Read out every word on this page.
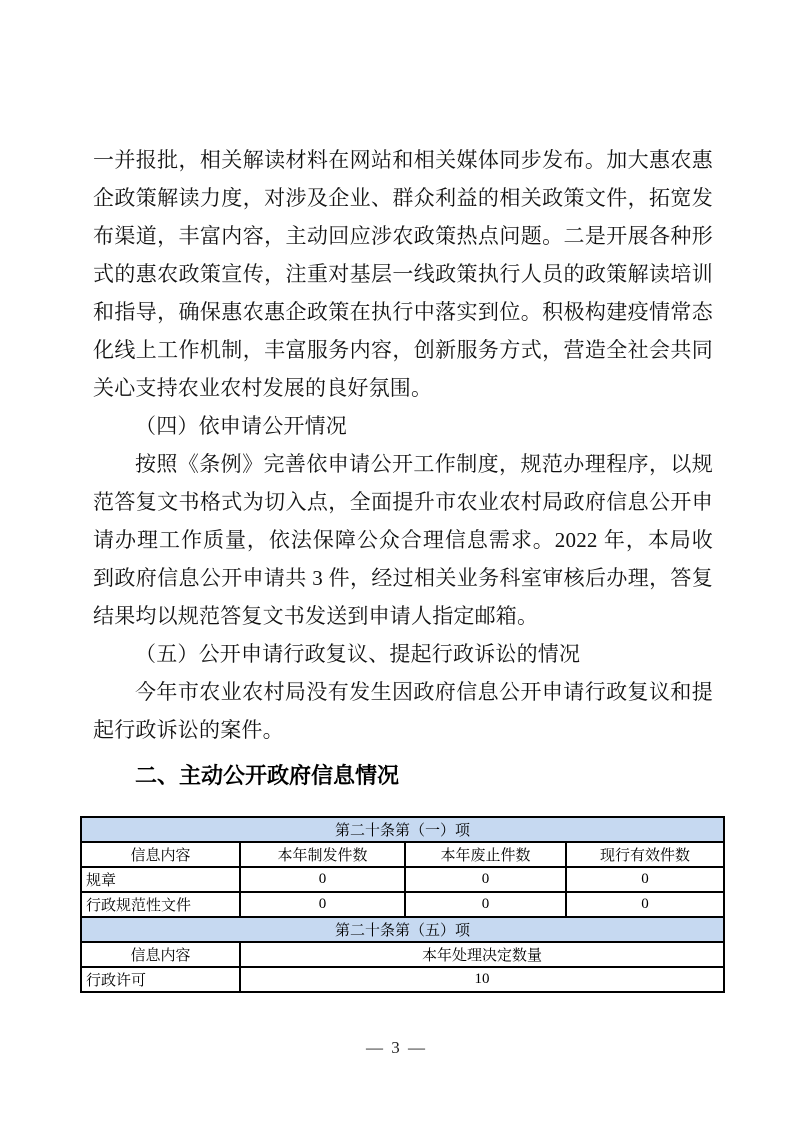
一并报批，相关解读材料在网站和相关媒体同步发布。加大惠农惠企政策解读力度，对涉及企业、群众利益的相关政策文件，拓宽发布渠道，丰富内容，主动回应涉农政策热点问题。二是开展各种形式的惠农政策宣传，注重对基层一线政策执行人员的政策解读培训和指导，确保惠农惠企政策在执行中落实到位。积极构建疫情常态化线上工作机制，丰富服务内容，创新服务方式，营造全社会共同关心支持农业农村发展的良好氛围。

（四）依申请公开情况

按照《条例》完善依申请公开工作制度，规范办理程序，以规范答复文书格式为切入点，全面提升市农业农村局政府信息公开申请办理工作质量，依法保障公众合理信息需求。2022 年，本局收到政府信息公开申请共 3 件，经过相关业务科室审核后办理，答复结果均以规范答复文书发送到申请人指定邮箱。

（五）公开申请行政复议、提起行政诉讼的情况

今年市农业农村局没有发生因政府信息公开申请行政复议和提起行政诉讼的案件。

二、主动公开政府信息情况

第二十条第（一）项			
信息内容	本年制发件数	本年废止件数	现行有效件数
规章	0	0	0
行政规范性文件	0	0	0
第二十条第（五）项			
信息内容	本年处理决定数量		
行政许可	10		
— 3 —
